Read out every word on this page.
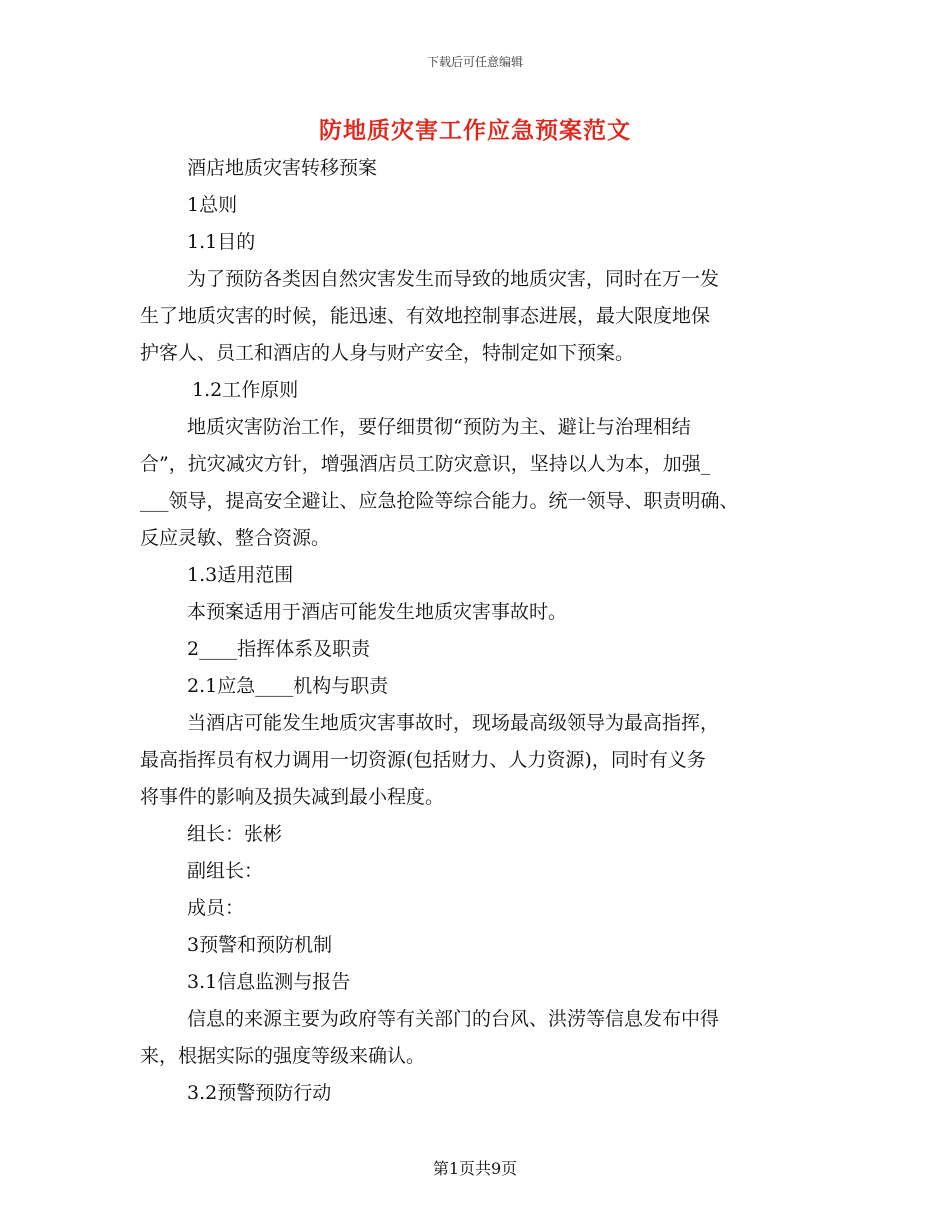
下载后可任意编辑
防地质灾害工作应急预案范文

酒店地质灾害转移预案

1总则

1.1目的

为了预防各类因自然灾害发生而导致的地质灾害，同时在万一发

生了地质灾害的时候，能迅速、有效地控制事态进展，最大限度地保

护客人、员工和酒店的人身与财产安全，特制定如下预案。

1.2工作原则

地质灾害防治工作，要仔细贯彻“预防为主、避让与治理相结

合”，抗灾减灾方针，增强酒店员工防灾意识，坚持以人为本，加强_

___领导，提高安全避让、应急抢险等综合能力。统一领导、职责明确、

反应灵敏、整合资源。

1.3适用范围

本预案适用于酒店可能发生地质灾害事故时。

2____指挥体系及职责

2.1应急____机构与职责

当酒店可能发生地质灾害事故时，现场最高级领导为最高指挥，

最高指挥员有权力调用一切资源(包括财力、人力资源)，同时有义务

将事件的影响及损失减到最小程度。

组长：张彬

副组长：

成员：

3预警和预防机制

3.1信息监测与报告

信息的来源主要为政府等有关部门的台风、洪涝等信息发布中得

来，根据实际的强度等级来确认。

3.2预警预防行动

第1页共9页
